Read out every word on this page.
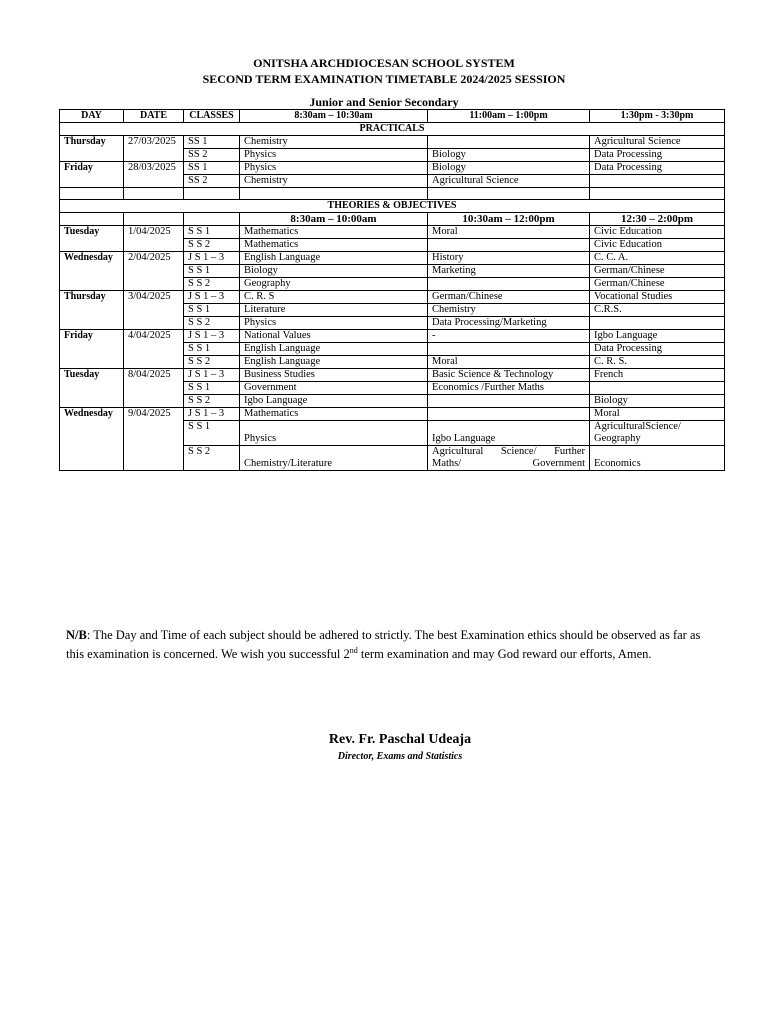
ONITSHA ARCHDIOCESAN SCHOOL SYSTEM
SECOND TERM EXAMINATION TIMETABLE 2024/2025 SESSION
Junior and Senior Secondary
DAY	DATE	CLASSES	8:30am – 10:30am	11:00am – 1:00pm	1:30pm - 3:30pm
PRACTICALS					
Thursday	27/03/2025	SS 1	Chemistry		Agricultural Science
		SS 2	Physics	Biology	Data Processing
Friday	28/03/2025	SS 1	Physics	Biology	Data Processing
		SS 2	Chemistry	Agricultural Science	

THEORIES & OBJECTIVES					
			8:30am – 10:00am	10:30am – 12:00pm	12:30 – 2:00pm
Tuesday	1/04/2025	S S 1	Mathematics	Moral	Civic Education
		S S 2	Mathematics		Civic Education
Wednesday	2/04/2025	J S 1 – 3	English Language	History	C. C. A.
		S S 1	Biology	Marketing	German/Chinese
		S S 2	Geography		German/Chinese
Thursday	3/04/2025	J S 1 – 3	C. R. S	German/Chinese	Vocational Studies
		S S 1	Literature	Chemistry	C.R.S.
		S S 2	Physics	Data Processing/Marketing	
Friday	4/04/2025	J S 1 – 3	National Values	-	Igbo Language
		S S 1	English Language		Data Processing
		S S 2	English Language	Moral	C. R. S.
Tuesday	8/04/2025	J S 1 – 3	Business Studies	Basic Science & Technology	French
		S S 1	Government	Economics /Further Maths	
		S S 2	Igbo Language		Biology
Wednesday	9/04/2025	J S 1 – 3	Mathematics		Moral
		S S 1	Physics	Igbo Language	AgriculturalScience/ Geography
		S S 2	Chemistry/Literature	Agricultural Science/ Further Maths/ Government	Economics
N/B: The Day and Time of each subject should be adhered to strictly. The best Examination ethics should be observed as far as this examination is concerned. We wish you successful 2nd term examination and may God reward our efforts, Amen.
Rev. Fr. Paschal Udeaja
Director, Exams and Statistics
